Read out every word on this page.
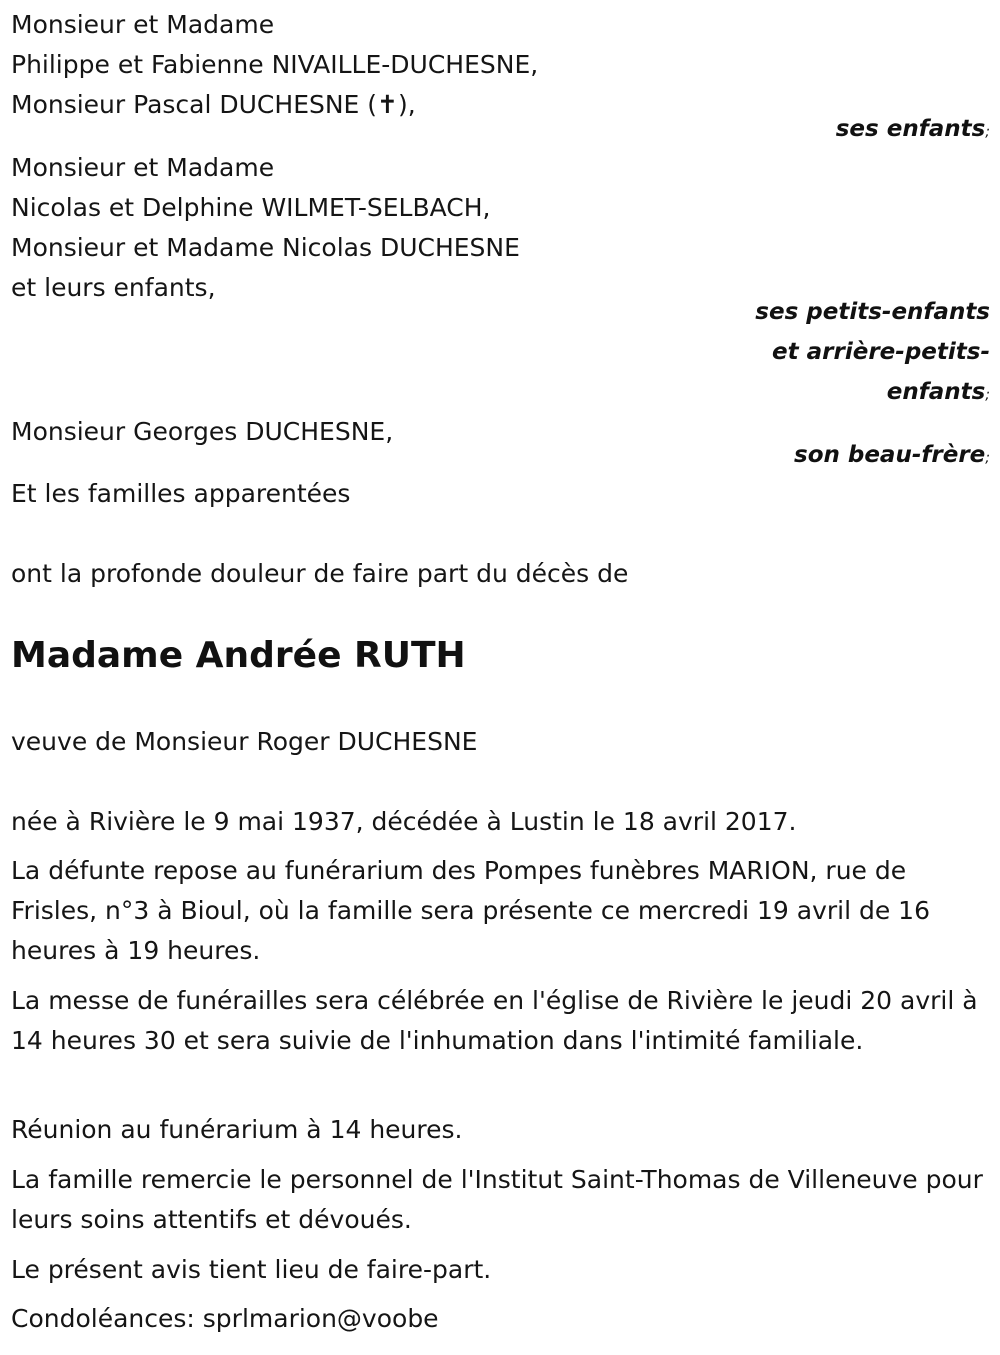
Monsieur et Madame
Philippe et Fabienne NIVAILLE-DUCHESNE,
Monsieur Pascal DUCHESNE (✝),
ses enfants;
Monsieur et Madame
Nicolas et Delphine WILMET-SELBACH,
Monsieur et Madame Nicolas DUCHESNE
et leurs enfants,
ses petits-enfants
et arrière-petits-
enfants;
Monsieur Georges DUCHESNE,
son beau-frère;
Et les familles apparentées
ont la profonde douleur de faire part du décès de
Madame Andrée RUTH
veuve de Monsieur Roger DUCHESNE
née à Rivière le 9 mai 1937, décédée à Lustin le 18 avril 2017.
La défunte repose au funérarium des Pompes funèbres MARION, rue de Frisles, n°3 à Bioul, où la famille sera présente ce mercredi 19 avril de 16 heures à 19 heures.
La messe de funérailles sera célébrée en l'église de Rivière le jeudi 20 avril à 14 heures 30 et sera suivie de l'inhumation dans l'intimité familiale.
Réunion au funérarium à 14 heures.
La famille remercie le personnel de l'Institut Saint-Thomas de Villeneuve pour leurs soins attentifs et dévoués.
Le présent avis tient lieu de faire-part.
Condoléances: sprlmarion@voobe
